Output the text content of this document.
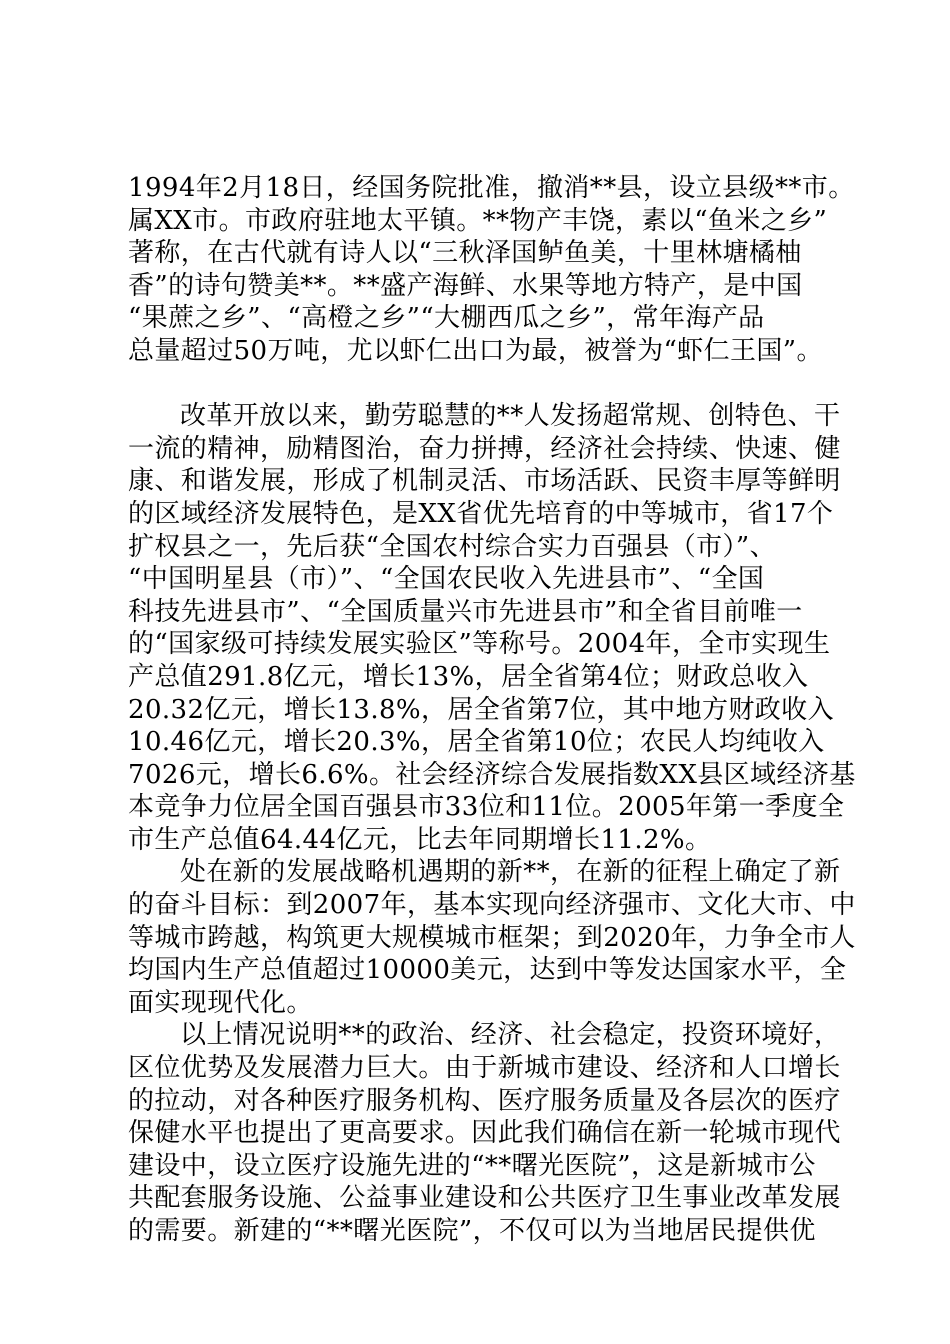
1994年2月18日，经国务院批准，撤消**县，设立县级**市。
属XX市。市政府驻地太平镇。**物产丰饶，素以“鱼米之乡”
著称，在古代就有诗人以“三秋泽国鲈鱼美，十里林塘橘柚
香”的诗句赞美**。**盛产海鲜、水果等地方特产，是中国
“果蔗之乡”、“高橙之乡”“大棚西瓜之乡”，常年海产品
总量超过50万吨，尤以虾仁出口为最，被誉为“虾仁王国”。
改革开放以来，勤劳聪慧的**人发扬超常规、创特色、干
一流的精神，励精图治，奋力拼搏，经济社会持续、快速、健
康、和谐发展，形成了机制灵活、市场活跃、民资丰厚等鲜明
的区域经济发展特色，是XX省优先培育的中等城市，省17个
扩权县之一，先后获“全国农村综合实力百强县（市）”、
“中国明星县（市）”、“全国农民收入先进县市”、“全国
科技先进县市”、“全国质量兴市先进县市”和全省目前唯一
的“国家级可持续发展实验区”等称号。2004年，全市实现生
产总值291.8亿元，增长13%，居全省第4位；财政总收入
20.32亿元，增长13.8%，居全省第7位，其中地方财政收入
10.46亿元，增长20.3%，居全省第10位；农民人均纯收入
7026元，增长6.6%。社会经济综合发展指数XX县区域经济基
本竞争力位居全国百强县市33位和11位。2005年第一季度全
市生产总值64.44亿元，比去年同期增长11.2%。
处在新的发展战略机遇期的新**，在新的征程上确定了新
的奋斗目标：到2007年，基本实现向经济强市、文化大市、中
等城市跨越，构筑更大规模城市框架；到2020年，力争全市人
均国内生产总值超过10000美元，达到中等发达国家水平，全
面实现现代化。
以上情况说明**的政治、经济、社会稳定，投资环境好，
区位优势及发展潜力巨大。由于新城市建设、经济和人口增长
的拉动，对各种医疗服务机构、医疗服务质量及各层次的医疗
保健水平也提出了更高要求。因此我们确信在新一轮城市现代
建设中，设立医疗设施先进的“**曙光医院”，这是新城市公
共配套服务设施、公益事业建设和公共医疗卫生事业改革发展
的需要。新建的“**曙光医院”，不仅可以为当地居民提供优
